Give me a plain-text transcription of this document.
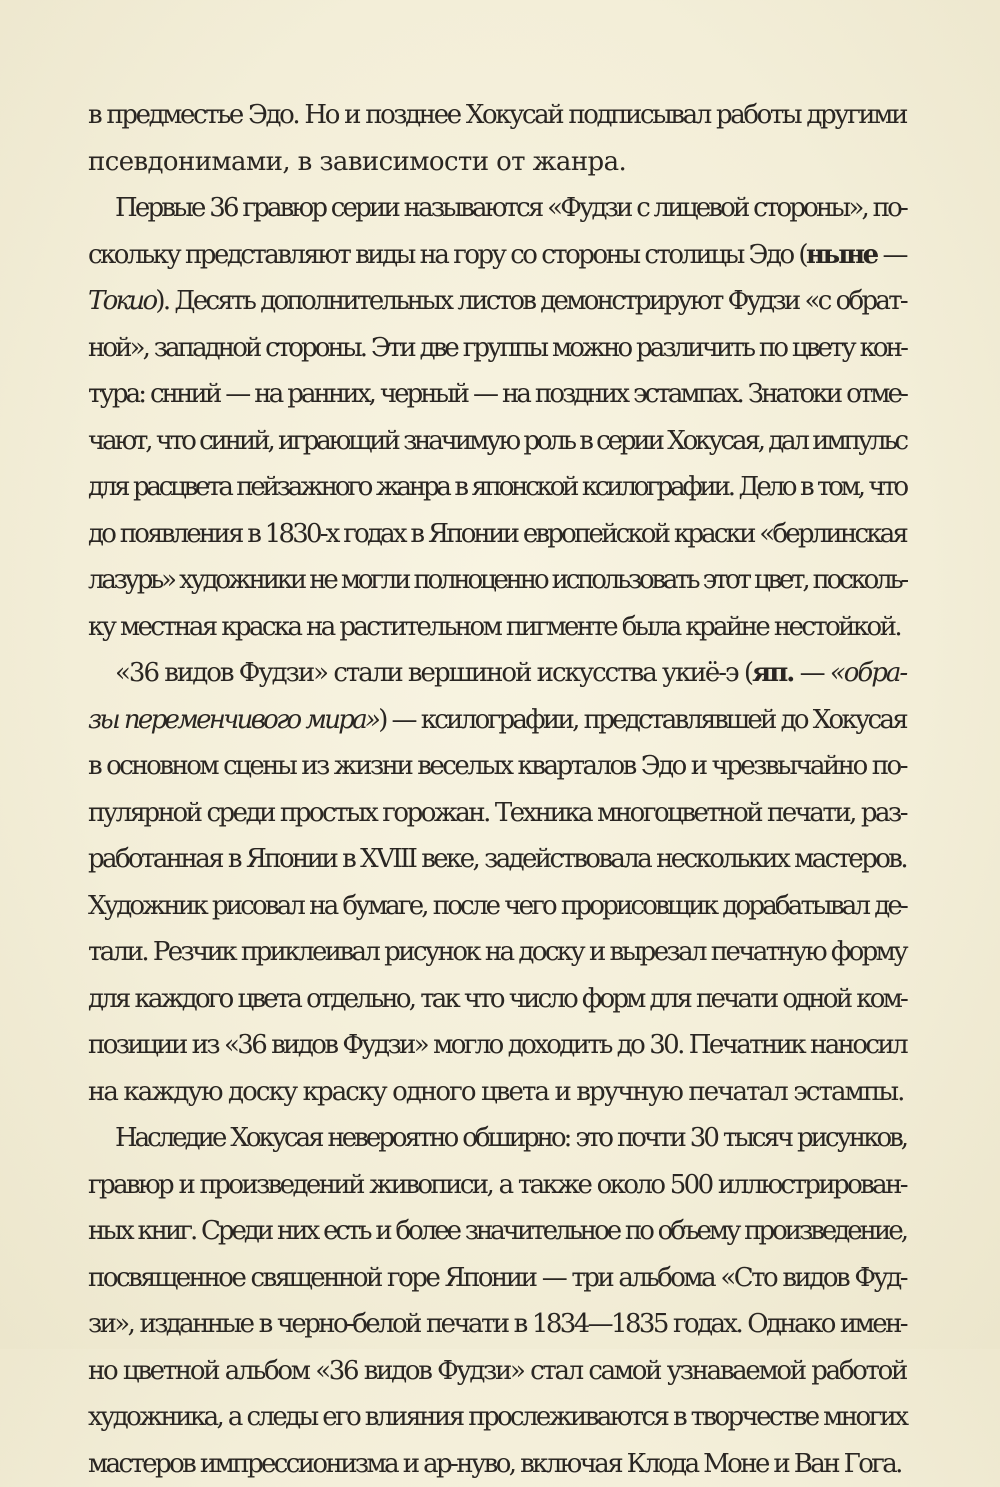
в предместье Эдо. Но и позднее Хокусай подписывал работы другими
псевдонимами, в зависимости от жанра.
Первые 36 гравюр серии называются «Фудзи с лицевой стороны», по-
скольку представляют виды на гору со стороны столицы Эдо (ныне —
Токио). Десять дополнительных листов демонстрируют Фудзи «с обрат-
ной», западной стороны. Эти две группы можно различить по цвету кон-
тура: снний — на ранних, черный — на поздних эстампах. Знатоки отме-
чают, что синий, играющий значимую роль в серии Хокусая, дал импульс
для расцвета пейзажного жанра в японской ксилографии. Дело в том, что
до появления в 1830-х годах в Японии европейской краски «берлинская
лазурь» художники не могли полноценно использовать этот цвет, посколь-
ку местная краска на растительном пигменте была крайне нестойкой.
«36 видов Фудзи» стали вершиной искусства укиё-э (яп. — «обра-
зы переменчивого мира») — ксилографии, представлявшей до Хокусая
в основном сцены из жизни веселых кварталов Эдо и чрезвычайно по-
пулярной среди простых горожан. Техника многоцветной печати, раз-
работанная в Японии в XVIII веке, задействовала нескольких мастеров.
Художник рисовал на бумаге, после чего прорисовщик дорабатывал де-
тали. Резчик приклеивал рисунок на доску и вырезал печатную форму
для каждого цвета отдельно, так что число форм для печати одной ком-
позиции из «36 видов Фудзи» могло доходить до 30. Печатник наносил
на каждую доску краску одного цвета и вручную печатал эстампы.
Наследие Хокусая невероятно обширно: это почти 30 тысяч рисунков,
гравюр и произведений живописи, а также около 500 иллюстрирован-
ных книг. Среди них есть и более значительное по объему произведение,
посвященное священной горе Японии — три альбома «Сто видов Фуд-
зи», изданные в черно-белой печати в 1834—1835 годах. Однако имен-
но цветной альбом «36 видов Фудзи» стал самой узнаваемой работой
художника, а следы его влияния прослеживаются в творчестве многих
мастеров импрессионизма и ар-нуво, включая Клода Моне и Ван Гога.
